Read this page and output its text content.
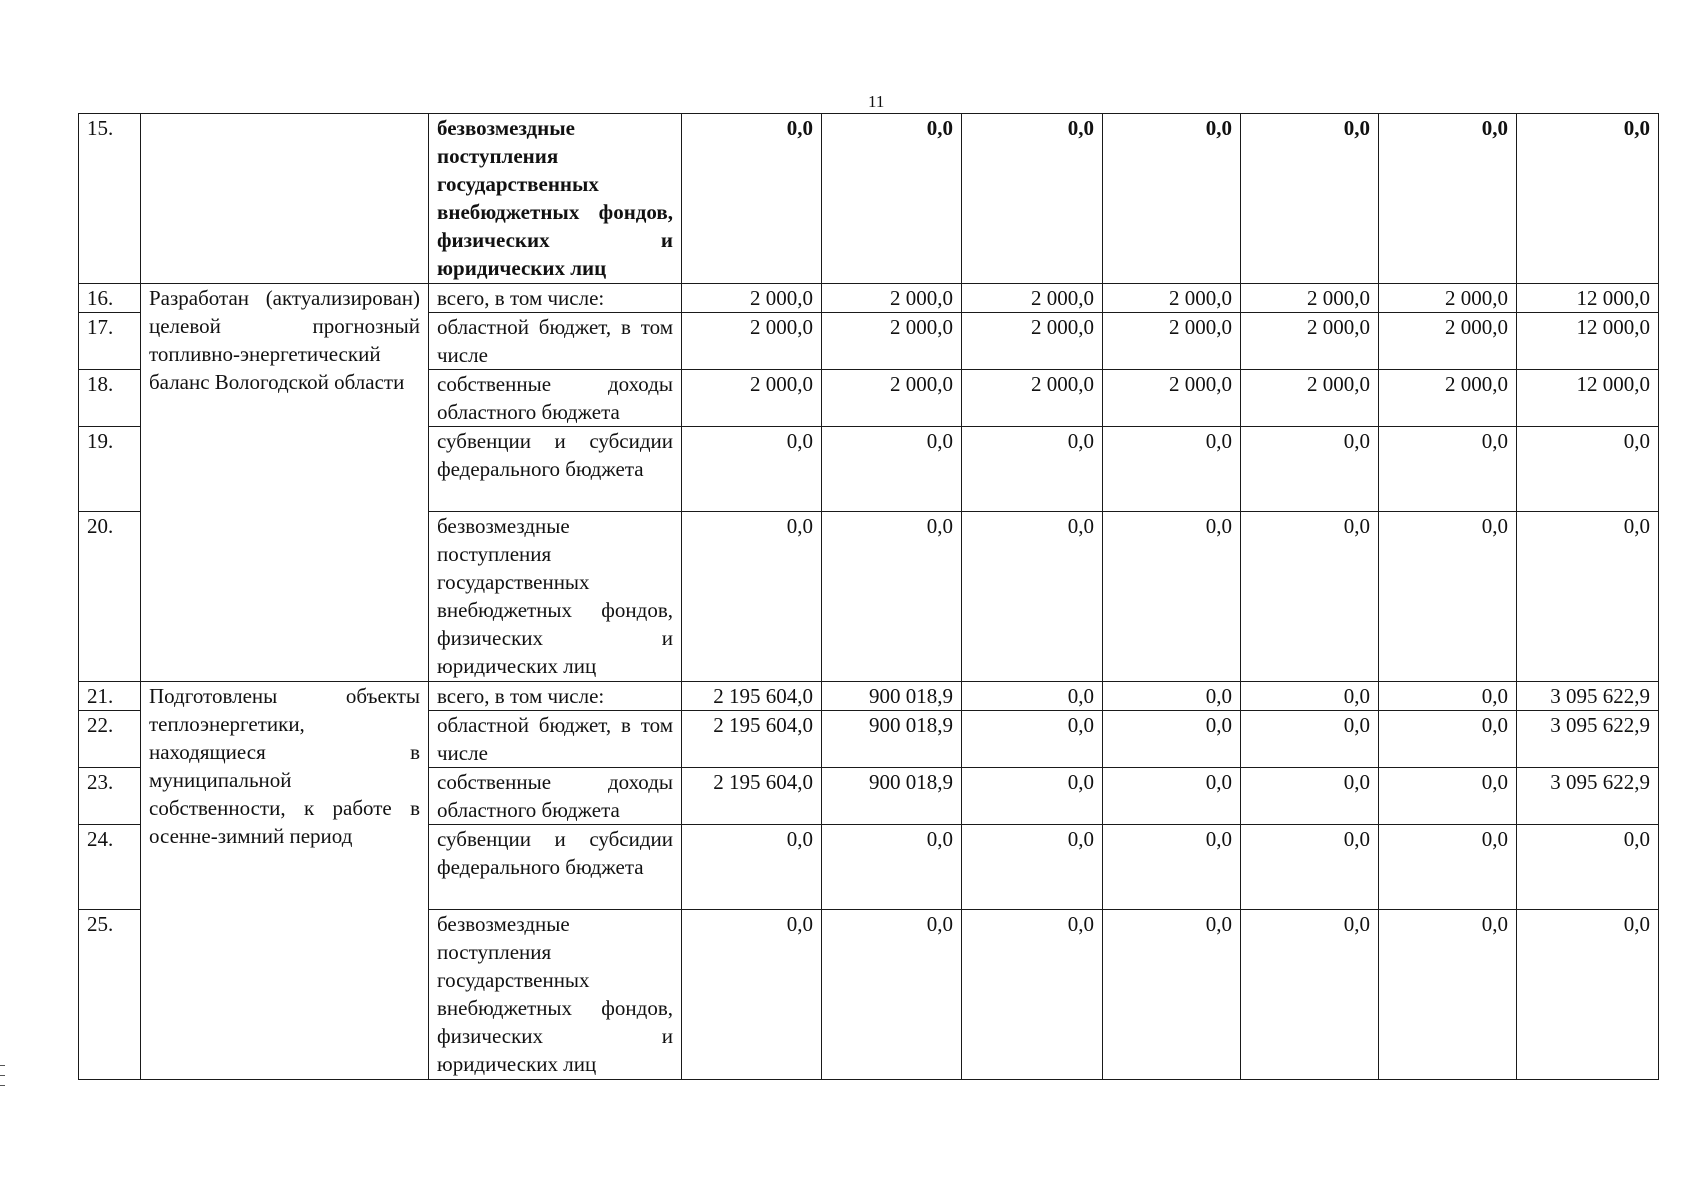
11
15.		безвозмездные поступления государственных внебюджетных фондов, физических и юридических лиц	0,0	0,0	0,0	0,0	0,0	0,0	0,0
16.	Разработан (актуализирован) целевой прогнозный топливно-энергетический баланс Вологодской области	всего, в том числе:	2 000,0	2 000,0	2 000,0	2 000,0	2 000,0	2 000,0	12 000,0
17.		областной бюджет, в том числе	2 000,0	2 000,0	2 000,0	2 000,0	2 000,0	2 000,0	12 000,0
18.		собственные доходы областного бюджета	2 000,0	2 000,0	2 000,0	2 000,0	2 000,0	2 000,0	12 000,0
19.		субвенции и субсидии федерального бюджета	0,0	0,0	0,0	0,0	0,0	0,0	0,0
20.		безвозмездные поступления государственных внебюджетных фондов, физических и юридических лиц	0,0	0,0	0,0	0,0	0,0	0,0	0,0
21.	Подготовлены объекты теплоэнергетики, находящиеся в муниципальной собственности, к работе в осенне-зимний период	всего, в том числе:	2 195 604,0	900 018,9	0,0	0,0	0,0	0,0	3 095 622,9
22.		областной бюджет, в том числе	2 195 604,0	900 018,9	0,0	0,0	0,0	0,0	3 095 622,9
23.		собственные доходы областного бюджета	2 195 604,0	900 018,9	0,0	0,0	0,0	0,0	3 095 622,9
24.		субвенции и субсидии федерального бюджета	0,0	0,0	0,0	0,0	0,0	0,0	0,0
25.		безвозмездные поступления государственных внебюджетных фондов, физических и юридических лиц	0,0	0,0	0,0	0,0	0,0	0,0	0,0
